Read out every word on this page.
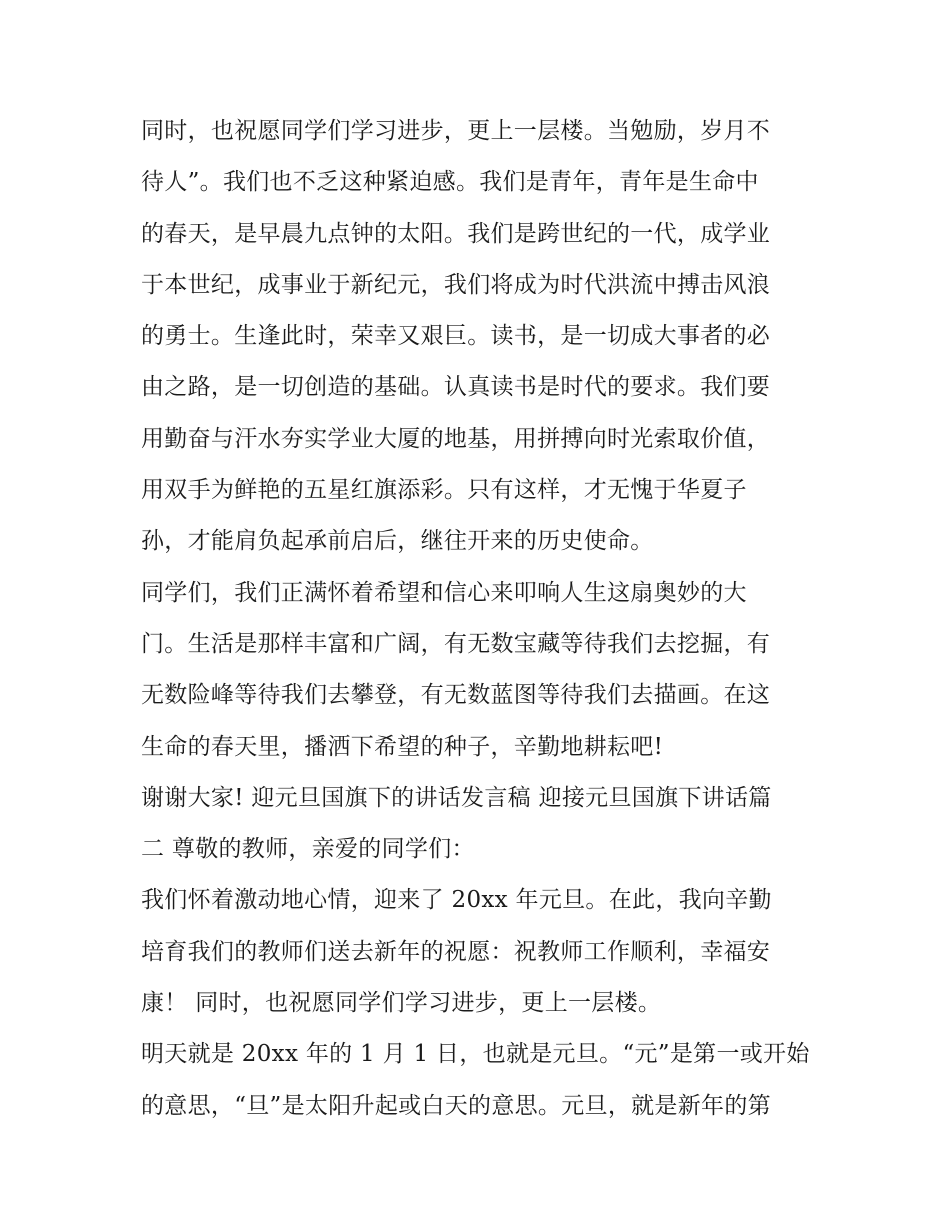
同时，也祝愿同学们学习进步，更上一层楼。当勉励，岁月不
待人”。我们也不乏这种紧迫感。我们是青年，青年是生命中
的春天，是早晨九点钟的太阳。我们是跨世纪的一代，成学业
于本世纪，成事业于新纪元，我们将成为时代洪流中搏击风浪
的勇士。生逢此时，荣幸又艰巨。读书，是一切成大事者的必
由之路，是一切创造的基础。认真读书是时代的要求。我们要
用勤奋与汗水夯实学业大厦的地基，用拼搏向时光索取价值，
用双手为鲜艳的五星红旗添彩。只有这样，才无愧于华夏子
孙，才能肩负起承前启后，继往开来的历史使命。
同学们，我们正满怀着希望和信心来叩响人生这扇奥妙的大
门。生活是那样丰富和广阔，有无数宝藏等待我们去挖掘，有
无数险峰等待我们去攀登，有无数蓝图等待我们去描画。在这
生命的春天里，播洒下希望的种子，辛勤地耕耘吧!
谢谢大家! 迎元旦国旗下的讲话发言稿 迎接元旦国旗下讲话篇
二 尊敬的教师，亲爱的同学们：
我们怀着激动地心情，迎来了 20xx 年元旦。在此，我向辛勤
培育我们的教师们送去新年的祝愿：祝教师工作顺利，幸福安
康！ 同时，也祝愿同学们学习进步，更上一层楼。
明天就是 20xx 年的 1 月 1 日，也就是元旦。“元”是第一或开始
的意思，“旦”是太阳升起或白天的意思。元旦，就是新年的第
